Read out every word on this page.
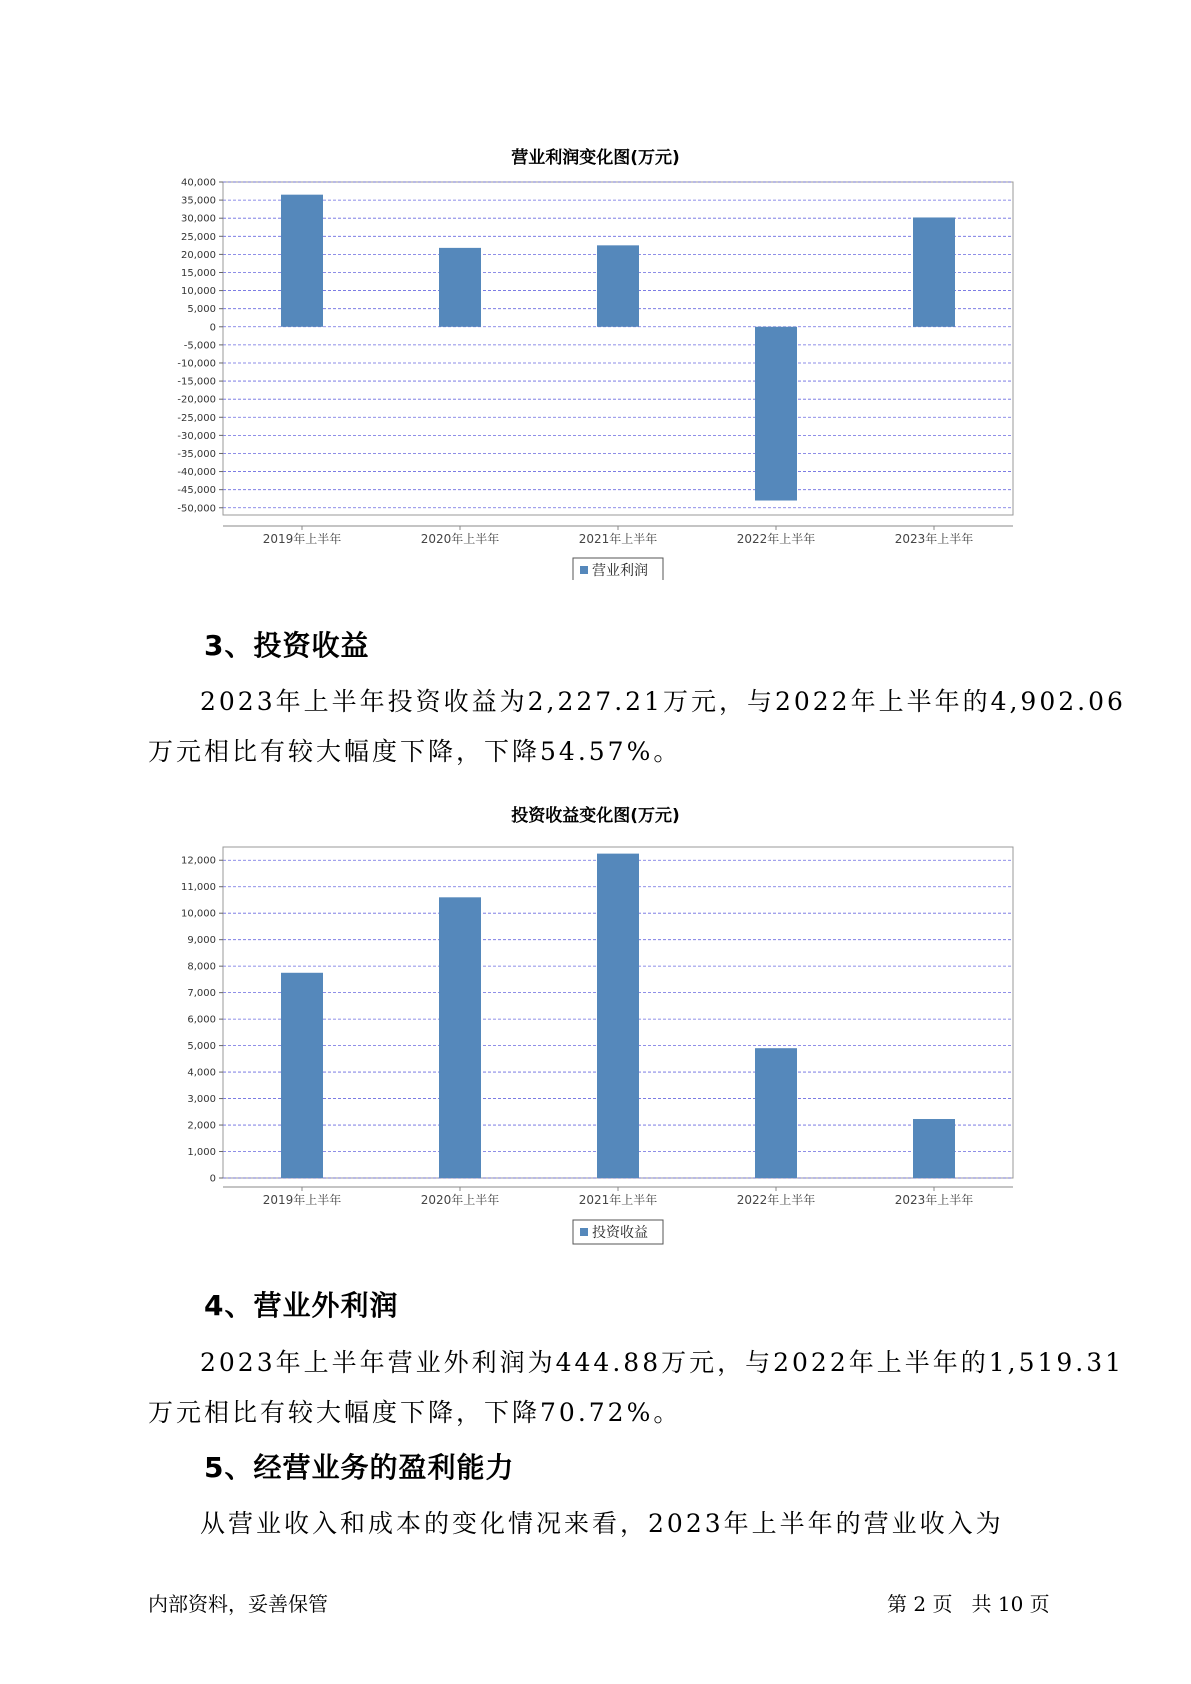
营业利润变化图(万元)
40,000
35,000
30,000
25,000
20,000
15,000
10,000
5,000
0
-5,000
-10,000
-15,000
-20,000
-25,000
-30,000
-35,000
-40,000
-45,000
-50,000
2019年上半年	2020年上半年	2021年上半年	2022年上半年	2023年上半年
营业利润
3、投资收益
2023年上半年投资收益为2,227.21万元，与2022年上半年的4,902.06
万元相比有较大幅度下降，下降54.57%。
投资收益变化图(万元)
12,000
11,000
10,000
9,000
8,000
7,000
6,000
5,000
4,000
3,000
2,000
1,000
0
2019年上半年	2020年上半年	2021年上半年	2022年上半年	2023年上半年
投资收益
4、营业外利润
2023年上半年营业外利润为444.88万元，与2022年上半年的1,519.31
万元相比有较大幅度下降，下降70.72%。
5、经营业务的盈利能力
从营业收入和成本的变化情况来看，2023年上半年的营业收入为
内部资料，妥善保管	第 2 页   共 10 页
